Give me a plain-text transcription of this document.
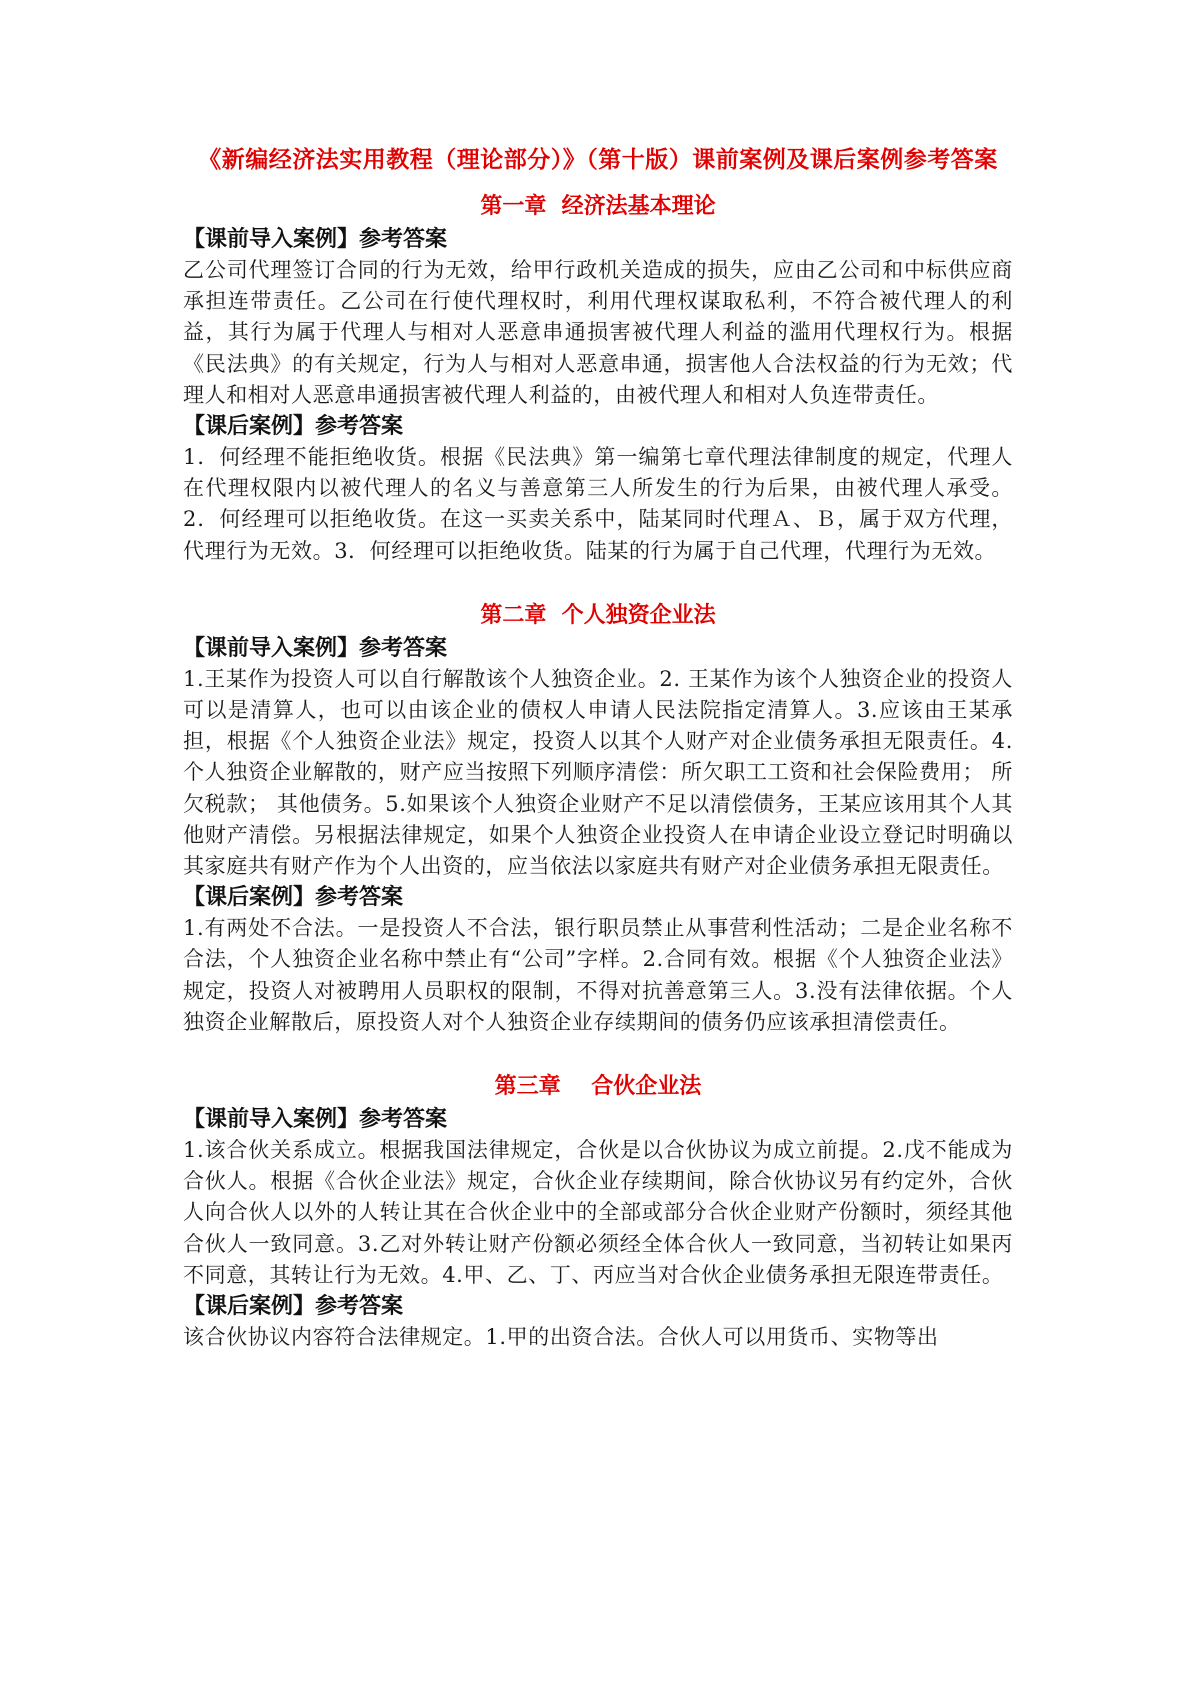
《新编经济法实用教程（理论部分）》（第十版）课前案例及课后案例参考答案
第一章  经济法基本理论
【课前导入案例】参考答案

乙公司代理签订合同的行为无效，给甲行政机关造成的损失，应由乙公司和中标供应商承担连带责任。乙公司在行使代理权时，利用代理权谋取私利，不符合被代理人的利益，其行为属于代理人与相对人恶意串通损害被代理人利益的滥用代理权行为。根据《民法典》的有关规定，行为人与相对人恶意串通，损害他人合法权益的行为无效；代理人和相对人恶意串通损害被代理人利益的，由被代理人和相对人负连带责任。

【课后案例】参考答案

1．何经理不能拒绝收货。根据《民法典》第一编第七章代理法律制度的规定，代理人在代理权限内以被代理人的名义与善意第三人所发生的行为后果，由被代理人承受。2．何经理可以拒绝收货。在这一买卖关系中，陆某同时代理Ａ、Ｂ，属于双方代理，代理行为无效。3．何经理可以拒绝收货。陆某的行为属于自己代理，代理行为无效。

第二章  个人独资企业法
【课前导入案例】参考答案

1.王某作为投资人可以自行解散该个人独资企业。2. 王某作为该个人独资企业的投资人可以是清算人，也可以由该企业的债权人申请人民法院指定清算人。3.应该由王某承担，根据《个人独资企业法》规定，投资人以其个人财产对企业债务承担无限责任。4. 个人独资企业解散的，财产应当按照下列顺序清偿：所欠职工工资和社会保险费用； 所欠税款； 其他债务。5.如果该个人独资企业财产不足以清偿债务，王某应该用其个人其他财产清偿。另根据法律规定，如果个人独资企业投资人在申请企业设立登记时明确以其家庭共有财产作为个人出资的，应当依法以家庭共有财产对企业债务承担无限责任。

【课后案例】参考答案

1.有两处不合法。一是投资人不合法，银行职员禁止从事营利性活动；二是企业名称不合法，个人独资企业名称中禁止有“公司”字样。2.合同有效。根据《个人独资企业法》规定，投资人对被聘用人员职权的限制，不得对抗善意第三人。3.没有法律依据。个人独资企业解散后，原投资人对个人独资企业存续期间的债务仍应该承担清偿责任。

第三章    合伙企业法
【课前导入案例】参考答案

1.该合伙关系成立。根据我国法律规定，合伙是以合伙协议为成立前提。2.戊不能成为合伙人。根据《合伙企业法》规定，合伙企业存续期间，除合伙协议另有约定外，合伙人向合伙人以外的人转让其在合伙企业中的全部或部分合伙企业财产份额时，须经其他合伙人一致同意。3.乙对外转让财产份额必须经全体合伙人一致同意，当初转让如果丙不同意，其转让行为无效。4.甲、乙、丁、丙应当对合伙企业债务承担无限连带责任。

【课后案例】参考答案

该合伙协议内容符合法律规定。1.甲的出资合法。合伙人可以用货币、实物等出
